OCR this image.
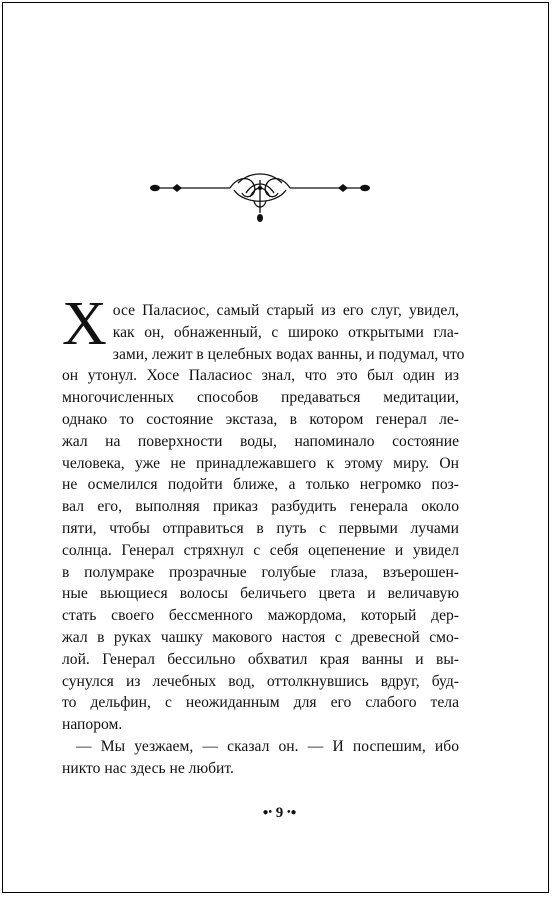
Х осе Паласиос, самый старый из его слуг, увидел,
как он, обнаженный, с широко открытыми гла-
зами, лежит в целебных водах ванны, и подумал, что
он утонул. Хосе Паласиос знал, что это был один из
многочисленных способов предаваться медитации,
однако то состояние экстаза, в котором генерал ле-
жал на поверхности воды, напоминало состояние
человека, уже не принадлежавшего к этому миру. Он
не осмелился подойти ближе, а только негромко поз-
вал его, выполняя приказ разбудить генерала около
пяти, чтобы отправиться в путь с первыми лучами
солнца. Генерал стряхнул с себя оцепенение и увидел
в полумраке прозрачные голубые глаза, взъерошен-
ные вьющиеся волосы беличьего цвета и величавую
стать своего бессменного мажордома, который дер-
жал в руках чашку макового настоя с древесной смо-
лой. Генерал бессильно обхватил края ванны и вы-
сунулся из лечебных вод, оттолкнувшись вдруг, буд-
то дельфин, с неожиданным для его слабого тела
напором.
— Мы уезжаем, — сказал он. — И поспешим, ибо
никто нас здесь не любит.
●• 9 •●
